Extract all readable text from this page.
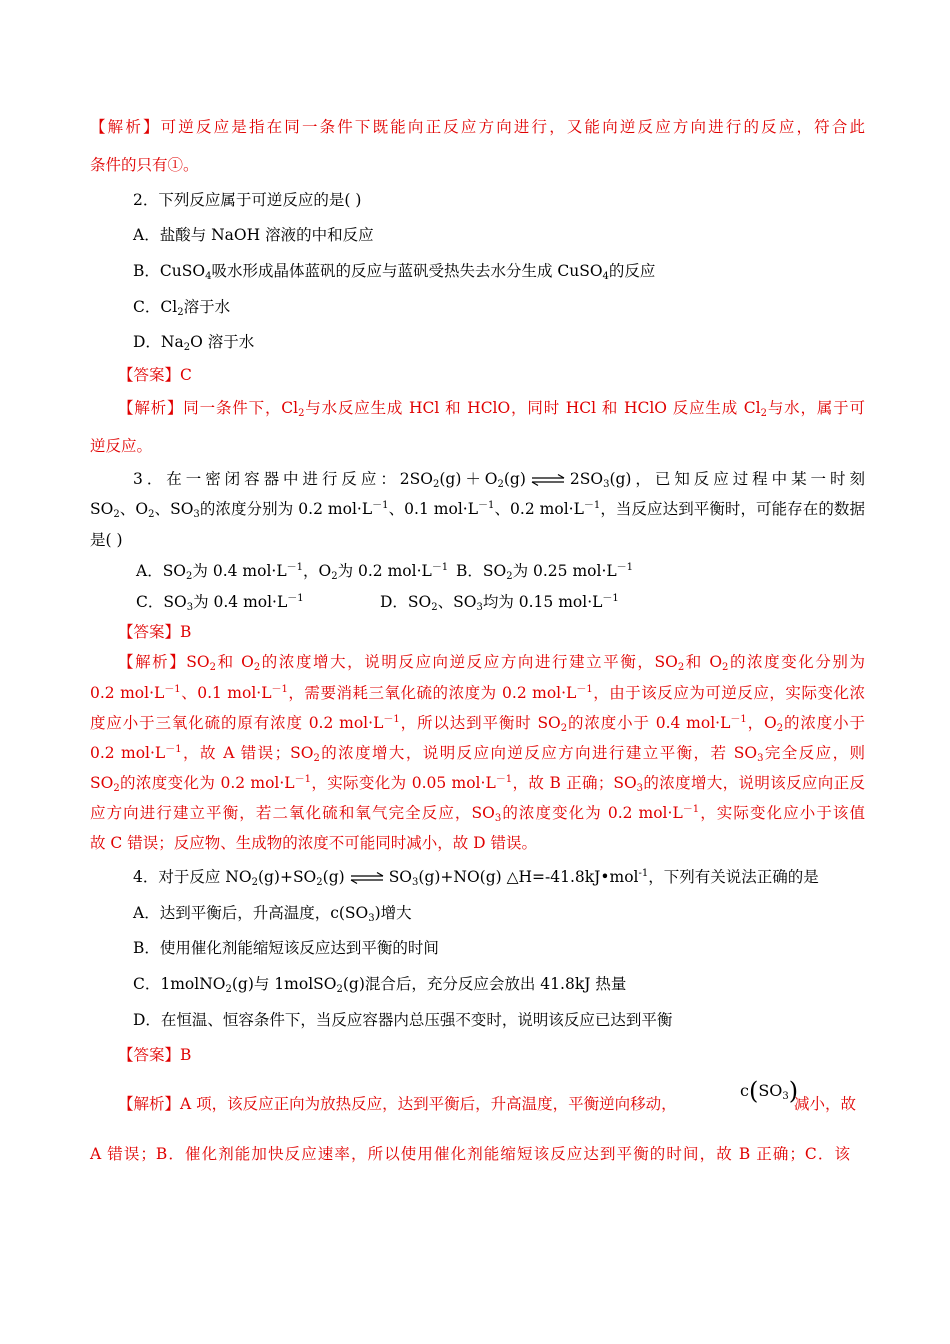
【解析】可逆反应是指在同一条件下既能向正反应方向进行，又能向逆反应方向进行的反应，符合此
条件的只有①。
2．下列反应属于可逆反应的是( )
A．盐酸与 NaOH 溶液的中和反应
B．CuSO$_4$吸水形成晶体蓝矾的反应与蓝矾受热失去水分生成 CuSO$_4$的反应
C．$Cl_2$溶于水
D．$Na_2O$ 溶于水
【答案】C
【解析】同一条件下，$Cl_2$与水反应生成 HCl 和 HClO，同时 HCl 和 HClO 反应生成 $Cl_2$与水，属于可
逆反应。
3．在一密闭容器中进行反应：$2SO_2(g)+O_2(g)$ ⇌ $2SO_3(g)$，已知反应过程中某一时刻
$SO_2$、$O_2$、$SO_3$的浓度分别为 0.2 $mol\cdot L^{-1}$、0.1 $mol\cdot L^{-1}$、0.2 $mol\cdot L^{-1}$，当反应达到平衡时，可能存在的数据
是( )
A．$SO_2$为 0.4 $mol\cdot L^{-1}$，$O_2$为 0.2 $mol\cdot L^{-1}$ B．$SO_2$为 0.25 $mol\cdot L^{-1}$
C．$SO_3$为 0.4 $mol\cdot L^{-1}$	D．$SO_2$、$SO_3$均为 0.15 $mol\cdot L^{-1}$
【答案】B
【解析】$SO_2$和 $O_2$的浓度增大，说明反应向逆反应方向进行建立平衡，$SO_2$和 $O_2$的浓度变化分别为
0.2 $mol\cdot L^{-1}$、0.1 $mol\cdot L^{-1}$，需要消耗三氧化硫的浓度为 0.2 $mol\cdot L^{-1}$，由于该反应为可逆反应，实际变化浓
度应小于三氧化硫的原有浓度 0.2 $mol\cdot L^{-1}$，所以达到平衡时 $SO_2$的浓度小于 0.4 $mol\cdot L^{-1}$，$O_2$的浓度小于
0.2 $mol\cdot L^{-1}$，故 A 错误；$SO_2$的浓度增大，说明反应向逆反应方向进行建立平衡，若 $SO_3$完全反应，则
$SO_2$的浓度变化为 0.2 $mol\cdot L^{-1}$，实际变化为 0.05 $mol\cdot L^{-1}$，故 B 正确；$SO_3$的浓度增大，说明该反应向正反
应方向进行建立平衡，若二氧化硫和氧气完全反应，$SO_3$的浓度变化为 0.2 $mol\cdot L^{-1}$，实际变化应小于该值
故 C 错误；反应物、生成物的浓度不可能同时减小，故 D 错误。
4．对于反应 $NO_2(g)+SO_2(g)$ ⇌ $SO_3(g)+NO(g)$ △H=-41.8kJ•mol$^{-1}$，下列有关说法正确的是
A．达到平衡后，升高温度，$c(SO_3)$增大
B．使用催化剂能缩短该反应达到平衡的时间
C．1molNO$_2$(g)与 1molSO$_2$(g)混合后，充分反应会放出 41.8kJ 热量
D．在恒温、恒容条件下，当反应容器内总压强不变时，说明该反应已达到平衡
【答案】B
【解析】A 项，该反应正向为放热反应，达到平衡后，升高温度，平衡逆向移动，
$c(SO_3)$
减小，故
A 错误；B．催化剂能加快反应速率，所以使用催化剂能缩短该反应达到平衡的时间，故 B 正确；C．该
